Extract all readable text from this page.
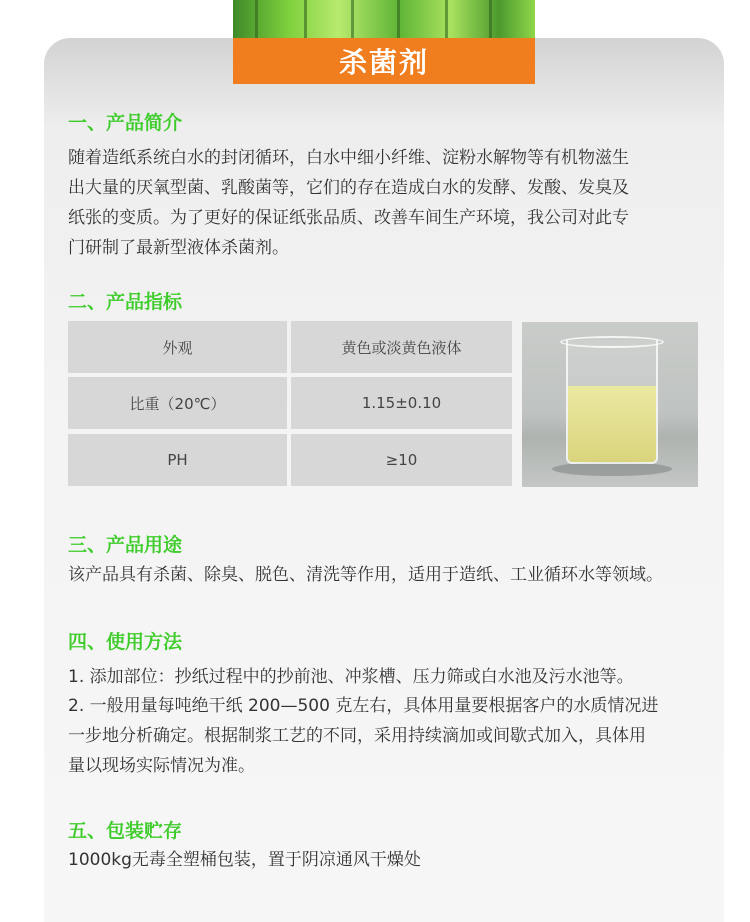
杀菌剂
一、产品简介
随着造纸系统白水的封闭循环，白水中细小纤维、淀粉水解物等有机物滋生
出大量的厌氧型菌、乳酸菌等，它们的存在造成白水的发酵、发酸、发臭及
纸张的变质。为了更好的保证纸张品质、改善车间生产环境，我公司对此专
门研制了最新型液体杀菌剂。
二、产品指标
外观	黄色或淡黄色液体
比重（20℃）	1.15±0.10
PH	≥10
三、产品用途
该产品具有杀菌、除臭、脱色、清洗等作用，适用于造纸、工业循环水等领域。
四、使用方法
1. 添加部位：抄纸过程中的抄前池、冲浆槽、压力筛或白水池及污水池等。
2. 一般用量每吨绝干纸 200—500 克左右，具体用量要根据客户的水质情况进
一步地分析确定。根据制浆工艺的不同，采用持续滴加或间歇式加入，具体用
量以现场实际情况为准。
五、包装贮存
1000kg无毒全塑桶包装，置于阴凉通风干燥处
